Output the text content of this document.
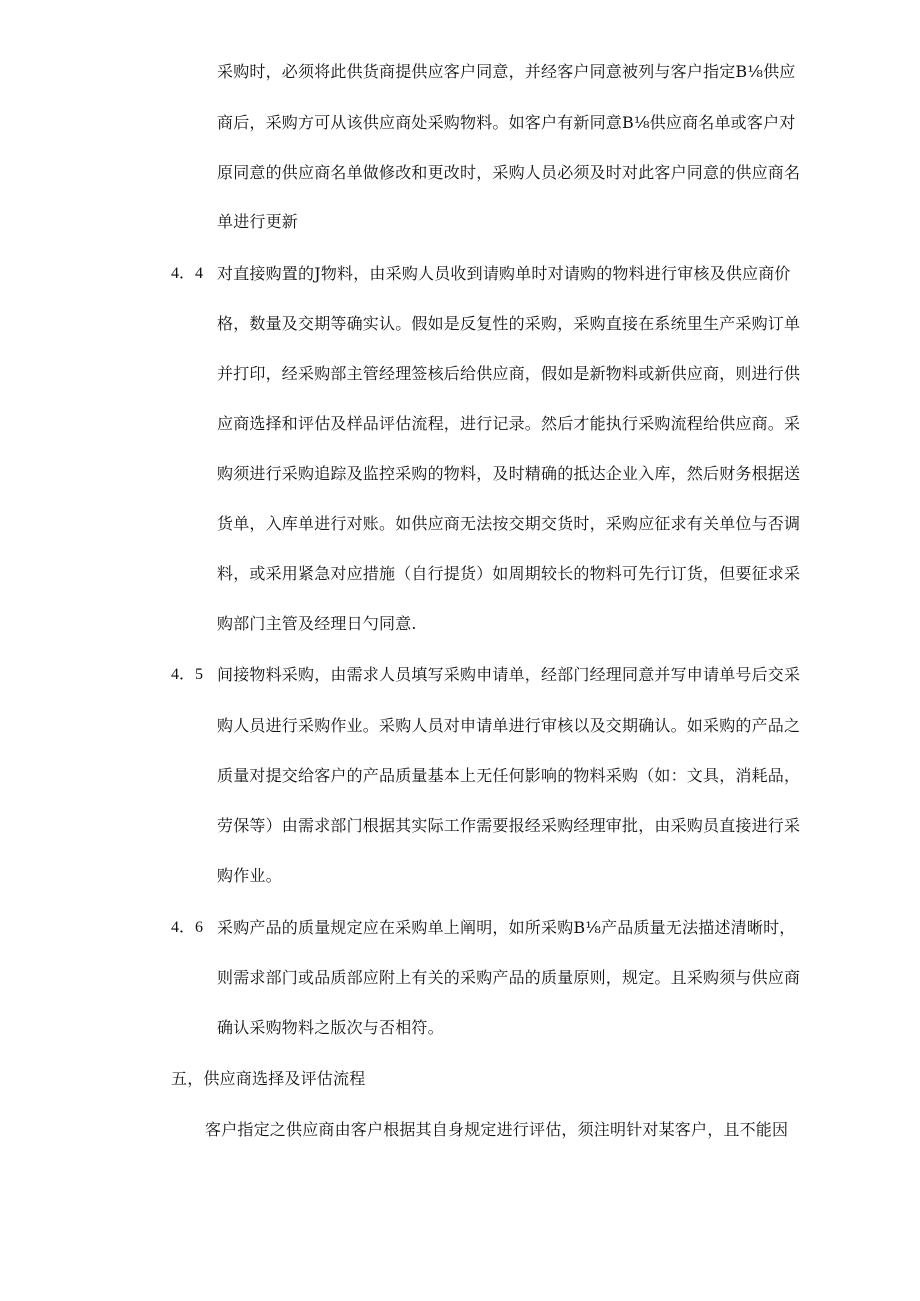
采购时，必须将此供货商提供应客户同意，并经客户同意被列与客户指定B⅛供应
商后，采购方可从该供应商处采购物料。如客户有新同意B⅛供应商名单或客户对
原同意的供应商名单做修改和更改时，采购人员必须及时对此客户同意的供应商名
单进行更新
4．4 对直接购置的J物料，由采购人员收到请购单时对请购的物料进行审核及供应商价
格，数量及交期等确实认。假如是反复性的采购，采购直接在系统里生产采购订单
并打印，经采购部主管经理签核后给供应商，假如是新物料或新供应商，则进行供
应商选择和评估及样品评估流程，进行记录。然后才能执行采购流程给供应商。采
购须进行采购追踪及监控采购的物料，及时精确的抵达企业入库，然后财务根据送
货单，入库单进行对账。如供应商无法按交期交货时，采购应征求有关单位与否调
料，或采用紧急对应措施（自行提货）如周期较长的物料可先行订货，但要征求采
购部门主管及经理日勺同意.
4．5 间接物料采购，由需求人员填写采购申请单，经部门经理同意并写申请单号后交采
购人员进行采购作业。采购人员对申请单进行审核以及交期确认。如采购的产品之
质量对提交给客户的产品质量基本上无任何影响的物料采购（如：文具，消耗品，
劳保等）由需求部门根据其实际工作需要报经采购经理审批，由采购员直接进行采
购作业。
4．6 采购产品的质量规定应在采购单上阐明，如所采购B⅛产品质量无法描述清晰时，
则需求部门或品质部应附上有关的采购产品的质量原则，规定。且采购须与供应商
确认采购物料之版次与否相符。
五，供应商选择及评估流程
客户指定之供应商由客户根据其自身规定进行评估，须注明针对某客户，且不能因
